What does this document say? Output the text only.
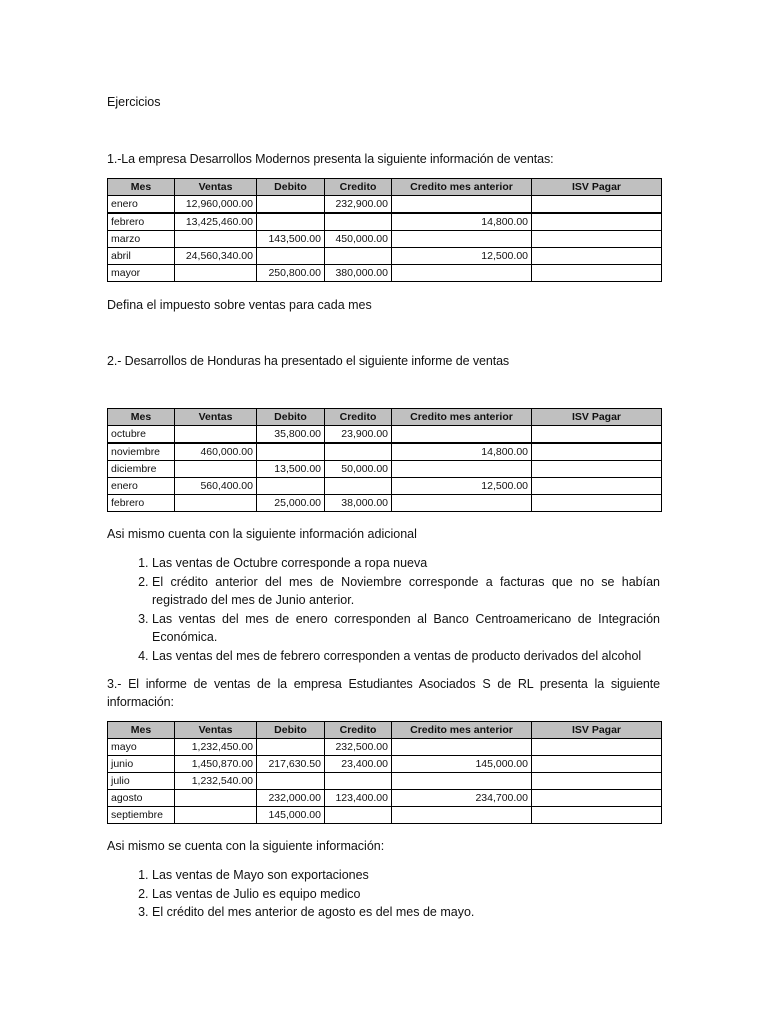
Ejercicios
1.-La empresa Desarrollos Modernos presenta la siguiente información de ventas:
Mes	Ventas	Debito	Credito	Credito mes anterior	ISV Pagar
enero	12,960,000.00		232,900.00		
febrero	13,425,460.00			14,800.00	
marzo		143,500.00	450,000.00		
abril	24,560,340.00			12,500.00	
mayor		250,800.00	380,000.00		
Defina el impuesto sobre ventas para cada mes
2.- Desarrollos de Honduras ha presentado el siguiente informe de ventas
Mes	Ventas	Debito	Credito	Credito mes anterior	ISV Pagar
octubre		35,800.00	23,900.00		
noviembre	460,000.00			14,800.00	
diciembre		13,500.00	50,000.00		
enero	560,400.00			12,500.00	
febrero		25,000.00	38,000.00		
Asi mismo cuenta con la siguiente información adicional
1. Las ventas de Octubre corresponde a ropa nueva
2. El crédito anterior del mes de Noviembre corresponde a facturas que no se habían registrado del mes de Junio anterior.
3. Las ventas del mes de enero corresponden al Banco Centroamericano de Integración Económica.
4. Las ventas del mes de febrero corresponden a ventas de producto derivados del alcohol
3.- El informe de ventas de la empresa Estudiantes Asociados S de RL presenta la siguiente información:
Mes	Ventas	Debito	Credito	Credito mes anterior	ISV Pagar
mayo	1,232,450.00		232,500.00		
junio	1,450,870.00	217,630.50	23,400.00	145,000.00	
julio	1,232,540.00				
agosto		232,000.00	123,400.00	234,700.00	
septiembre		145,000.00			
Asi mismo se cuenta con la siguiente información:
1. Las ventas de Mayo son exportaciones
2. Las ventas de Julio es equipo medico
3. El crédito del mes anterior de agosto es del mes de mayo.
